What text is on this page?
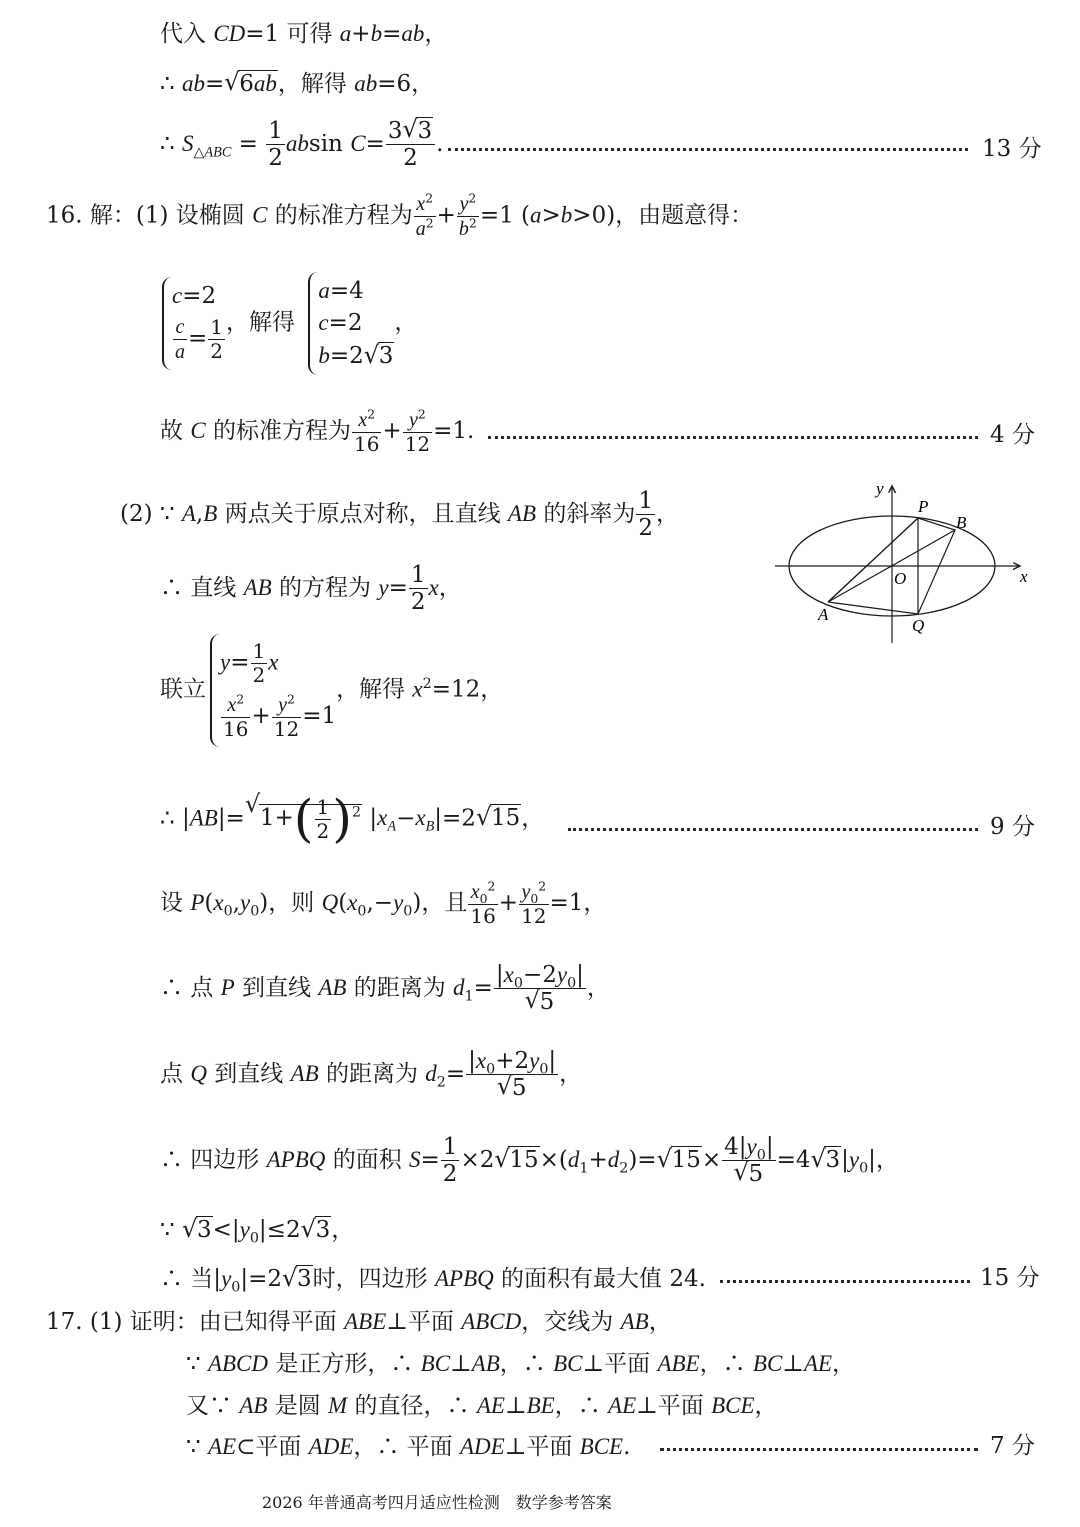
代入 CD=1 可得 a+b=ab，
∴ ab=√ 6ab，解得 ab=6，
∴ $S_{\triangle ABC} = \frac{1}{2}$ absin $C= \frac{3√ 3}{2}$ .	13 分
16. 解：(1) 设椭圆 C 的标准方程为 $\frac{x^2}{a^2} + \frac{y^2}{b^2} =1$ (a>b>0)，由题意得：
c=2
$\frac{c}{a} = \frac{1}{2}$ ，解得
a=4
c=2
b=2√ 3
，
故 C 的标准方程为 $\frac{x^2}{16} + \frac{y^2}{12} =1$.	4 分
(2) ∵ A,B 两点关于原点对称，且直线 AB 的斜率为 $\frac{1}{2}$ ，
∴ 直线 AB 的方程为 $y= \frac{1}{2}$ x，
y
x
O
P
B
A
Q
联立
$y= \frac{1}{2}$ x
$\frac{x^2}{16} + \frac{y^2}{12} =1$
，解得 $x^2=12$，
∴ |AB|=√ $1+( \frac{1}{2} )^2$ $|x_A-x_B|=2√$ 15，	9 分
设 $P(x_0,y_0)$，则 $Q(x_0,-y_0)$，且 $\frac{x_0^2}{16} + \frac{y_0^2}{12} =1$，
∴ 点 P 到直线 AB 的距离为 $d_1= |x_0-2y_0|$
√ 5 ，
点 Q 到直线 AB 的距离为 $d_2= |x_0+2y_0|$
√ 5 ，
∴ 四边形 APBQ 的面积 $S= \frac{1}{2} \times 2√$ $15\times(d_1+d_2)=√$ $15\times 4|y_0|$
√ 5 =4√ $3|y_0|$，
∵ √ $3<|y_0|\le 2√$ 3，
∴ 当$|y_0|=2√$ 3时，四边形 APBQ 的面积有最大值 24.	15 分
17. (1) 证明：由已知得平面 ABE⊥平面 ABCD，交线为 AB，
∵ ABCD 是正方形，∴ BC⊥AB，∴ BC⊥平面 ABE，∴ BC⊥AE，
又∵ AB 是圆 M 的直径，∴ AE⊥BE，∴ AE⊥平面 BCE，
∵ AE⊂平面 ADE，∴ 平面 ADE⊥平面 BCE.	7 分
2026 年普通高考四月适应性检测　数学参考答案
